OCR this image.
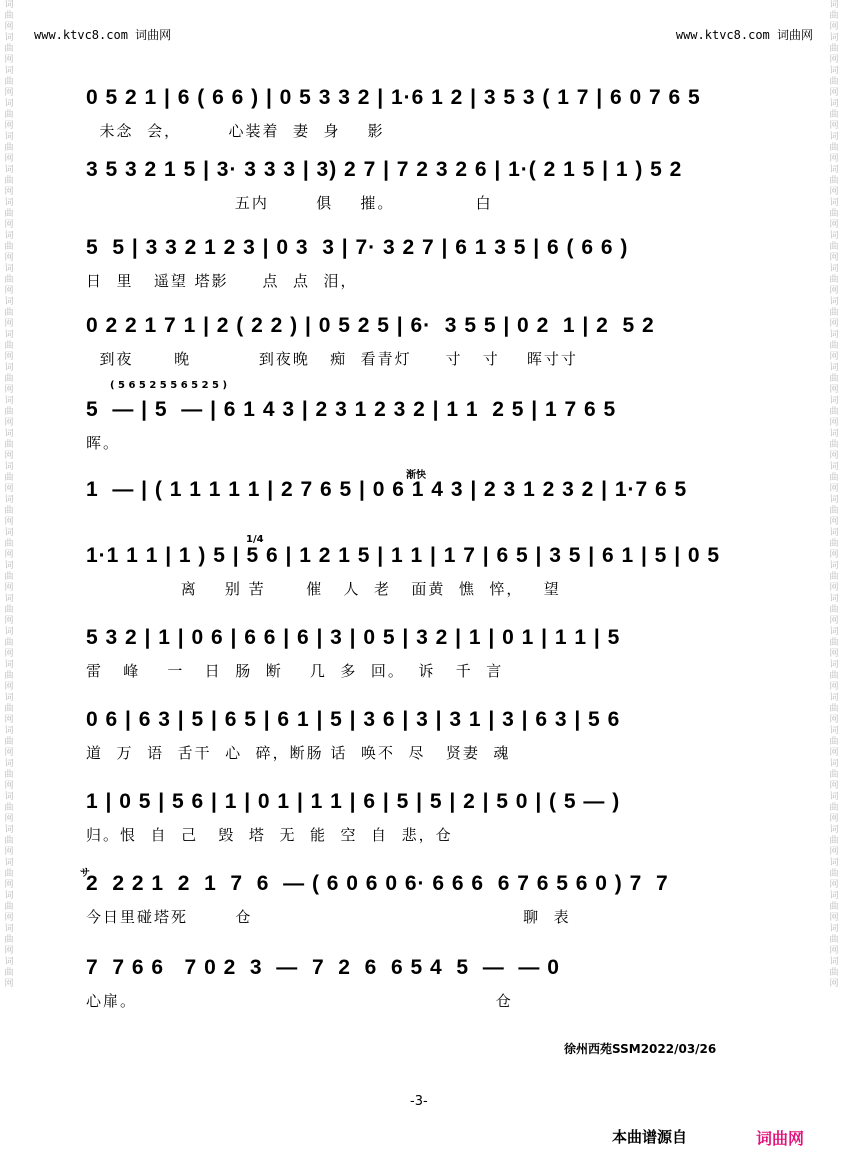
词曲网词曲网词曲网词曲网词曲网词曲网词曲网词曲网词曲网词曲网词曲网词曲网词曲网词曲网词曲网词曲网词曲网词曲网词曲网词曲网词曲网词曲网词曲网词曲网词曲网词曲网词曲网词曲网词曲网词曲网
词曲网词曲网词曲网词曲网词曲网词曲网词曲网词曲网词曲网词曲网词曲网词曲网词曲网词曲网词曲网词曲网词曲网词曲网词曲网词曲网词曲网词曲网词曲网词曲网词曲网词曲网词曲网词曲网词曲网词曲网
www.ktvc8.com 词曲网	www.ktvc8.com 词曲网
0 5 2 1 | 6 ( 6 6 ) | 0 5 3 3 2 | 1·6 1 2 | 3 5 3 ( 1 7 | 6 0 7 6 5
未念  会，       心装着  妻  身    影
3 5 3 2 1 5 | 3· 3 3 3 | 3) 2 7 | 7 2 3 2 6 | 1·( 2 1 5 | 1 ) 5 2
五内       俱    摧。            白
5  5 | 3 3 2 1 2 3 | 0 3  3 | 7· 3 2 7 | 6 1 3 5 | 6 ( 6 6 )
日  里   遥望 塔影     点  点  泪，
0 2 2 1 7 1 | 2 ( 2 2 ) | 0 5 2 5 | 6·  3 5 5 | 0 2  1 | 2  5 2
到夜      晚          到夜晚   痴  看青灯     寸   寸    晖寸寸
( 5 6 5 2 5 5 6 5 2 5 )
5  — | 5  — | 6 1 4 3 | 2 3 1 2 3 2 | 1 1  2 5 | 1 7 6 5
晖。
渐快
1  — | ( 1 1 1 1 1 | 2 7 6 5 | 0 6 1 4 3 | 2 3 1 2 3 2 | 1·7 6 5
1/4
1·1 1 1 | 1 ) 5 | 5 6 | 1 2 1 5 | 1 1 | 1 7 | 6 5 | 3 5 | 6 1 | 5 | 0 5
离    别 苦      催   人  老   面黄  憔  悴，   望
5 3 2 | 1 | 0 6 | 6 6 | 6 | 3 | 0 5 | 3 2 | 1 | 0 1 | 1 1 | 5
雷   峰    一   日  肠  断    几  多  回。  诉   千  言
0 6 | 6 3 | 5 | 6 5 | 6 1 | 5 | 3 6 | 3 | 3 1 | 3 | 6 3 | 5 6
道  万  语  舌干  心  碎，断肠 话  唤不  尽   贤妻  魂
1 | 0 5 | 5 6 | 1 | 0 1 | 1 1 | 6 | 5 | 5 | 2 | 5 0 | ( 5 — )
归。恨  自  己   毁  塔  无  能  空  自  悲，仓
サ
2  2 2 1  2  1  7  6  — ( 6 0 6 0 6· 6 6 6  6 7 6 5 6 0 ) 7  7
今日里碰塔死       仓                                        聊  表
7  7 6 6   7 0 2  3  —  7  2  6  6 5 4  5  —  — 0
心扉。                                                     仓
徐州西苑SSM2022/03/26
-3-
本曲谱源自	词曲网
